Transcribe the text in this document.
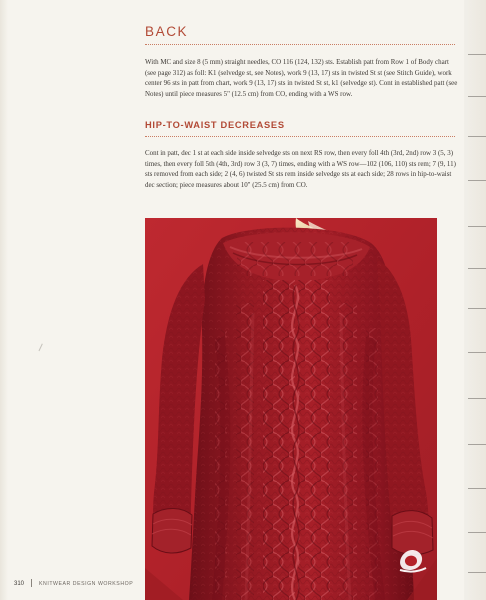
BACK

With MC and size 8 (5 mm) straight needles, CO 116 (124, 132) sts. Establish patt from Row 1 of Body chart (see page 312) as foll: K1 (selvedge st, see Notes), work 9 (13, 17) sts in twisted St st (see Stitch Guide), work center 96 sts in patt from chart, work 9 (13, 17) sts in twisted St st, k1 (selvedge st). Cont in established patt (see Notes) until piece measures 5" (12.5 cm) from CO, ending with a WS row.

HIP-TO-WAIST DECREASES

Cont in patt, dec 1 st at each side inside selvedge sts on next RS row, then every foll 4th (3rd, 2nd) row 3 (5, 3) times, then every foll 5th (4th, 3rd) row 3 (3, 7) times, ending with a WS row—102 (106, 110) sts rem; 7 (9, 11) sts removed from each side; 2 (4, 6) twisted St sts rem inside selvedge sts at each side; 28 rows in hip-to-waist dec section; piece measures about 10" (25.5 cm) from CO.

310	KNITWEAR DESIGN WORKSHOP
